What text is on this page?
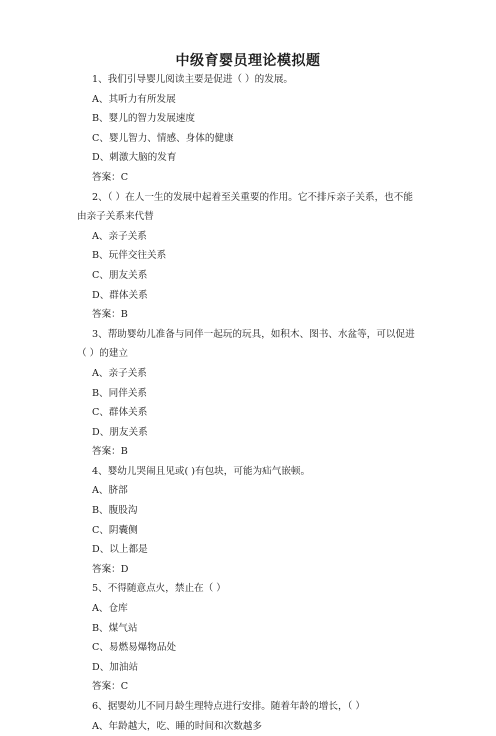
中级育婴员理论模拟题
1、我们引导婴儿阅读主要是促进（ ）的发展。
A、其听力有所发展
B、婴儿的智力发展速度
C、婴儿智力、情感、身体的健康
D、刺激大脑的发育
答案：C
2、（ ）在人一生的发展中起着至关重要的作用。它不排斥亲子关系，也不能由亲子关系来代替
A、亲子关系
B、玩伴交往关系
C、朋友关系
D、群体关系
答案：B
3、帮助婴幼儿准备与同伴一起玩的玩具，如积木、图书、水盆等，可以促进（ ）的建立
A、亲子关系
B、同伴关系
C、群体关系
D、朋友关系
答案：B
4、婴幼儿哭闹且见或( )有包块，可能为疝气嵌顿。
A、脐部
B、腹股沟
C、阴囊侧
D、以上都是
答案：D
5、不得随意点火，禁止在（ ）
A、仓库
B、煤气站
C、易燃易爆物品处
D、加油站
答案：C
6、据婴幼儿不同月龄生理特点进行安排。随着年龄的增长，（ ）
A、年龄越大，吃、睡的时间和次数越多
